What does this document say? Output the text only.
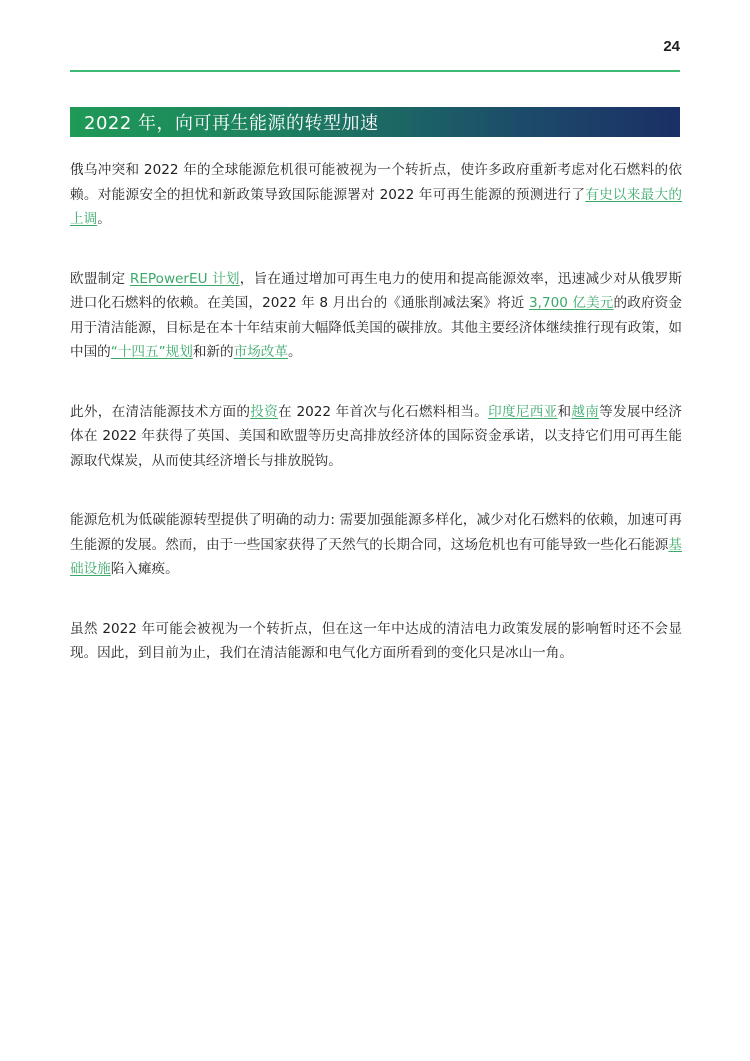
24
2022 年，向可再生能源的转型加速

俄乌冲突和 2022 年的全球能源危机很可能被视为一个转折点，使许多政府重新考虑对化石燃料的依赖。对能源安全的担忧和新政策导致国际能源署对 2022 年可再生能源的预测进行了有史以来最大的上调。

欧盟制定 REPowerEU 计划，旨在通过增加可再生电力的使用和提高能源效率，迅速减少对从俄罗斯进口化石燃料的依赖。在美国，2022 年 8 月出台的《通胀削减法案》将近 3,700 亿美元的政府资金用于清洁能源，目标是在本十年结束前大幅降低美国的碳排放。其他主要经济体继续推行现有政策，如中国的“十四五”规划和新的市场改革。

此外，在清洁能源技术方面的投资在 2022 年首次与化石燃料相当。印度尼西亚和越南等发展中经济体在 2022 年获得了英国、美国和欧盟等历史高排放经济体的国际资金承诺，以支持它们用可再生能源取代煤炭，从而使其经济增长与排放脱钩。

能源危机为低碳能源转型提供了明确的动力: 需要加强能源多样化，减少对化石燃料的依赖，加速可再生能源的发展。然而，由于一些国家获得了天然气的长期合同，这场危机也有可能导致一些化石能源基础设施陷入瘫痪。

虽然 2022 年可能会被视为一个转折点，但在这一年中达成的清洁电力政策发展的影响暂时还不会显现。因此，到目前为止，我们在清洁能源和电气化方面所看到的变化只是冰山一角。
